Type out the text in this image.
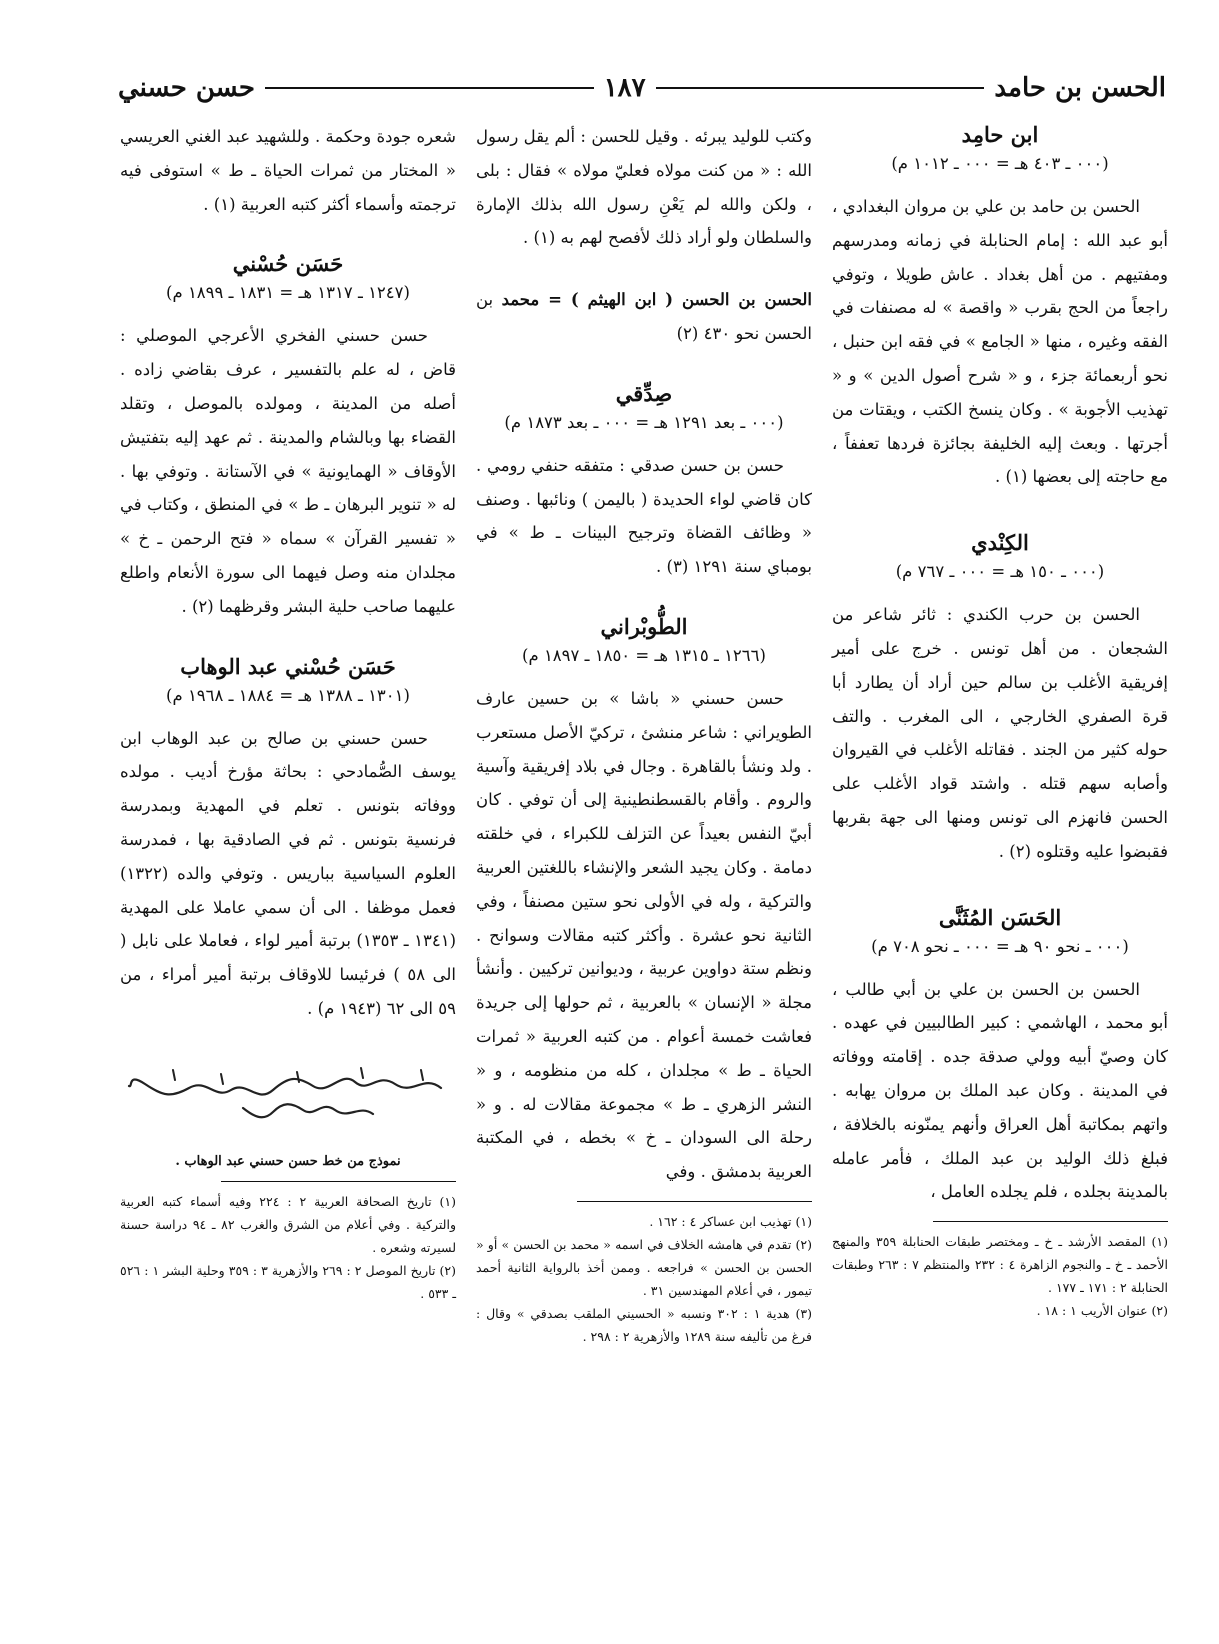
الحسن بن حامد
١٨٧
حسن حسني
ابن حامِد

(٠٠٠ ـ ٤٠٣ هـ = ٠٠٠ ـ ١٠١٢ م)

الحسن بن حامد بن علي بن مروان البغدادي ، أبو عبد الله : إمام الحنابلة في زمانه ومدرسهم ومفتيهم . من أهل بغداد . عاش طويلا ، وتوفي راجعاً من الحج بقرب « واقصة » له مصنفات في الفقه وغيره ، منها « الجامع » في فقه ابن حنبل ، نحو أربعمائة جزء ، و « شرح أصول الدين » و « تهذيب الأجوبة » . وكان ينسخ الكتب ، ويقتات من أجرتها . وبعث إليه الخليفة بجائزة فردها تعففاً ، مع حاجته إلى بعضها (١) .

الكِنْدي

(٠٠٠ ـ ١٥٠ هـ = ٠٠٠ ـ ٧٦٧ م)

الحسن بن حرب الكندي : ثائر شاعر من الشجعان . من أهل تونس . خرج على أمير إفريقية الأغلب بن سالم حين أراد أن يطارد أبا قرة الصفري الخارجي ، الى المغرب . والتف حوله كثير من الجند . فقاتله الأغلب في القيروان وأصابه سهم قتله . واشتد قواد الأغلب على الحسن فانهزم الى تونس ومنها الى جهة بقربها فقبضوا عليه وقتلوه (٢) .

الحَسَن المُثَنَّى

(٠٠٠ ـ نحو ٩٠ هـ = ٠٠٠ ـ نحو ٧٠٨ م)

الحسن بن الحسن بن علي بن أبي طالب ، أبو محمد ، الهاشمي : كبير الطالبيين في عهده . كان وصيّ أبيه وولي صدقة جده . إقامته ووفاته في المدينة . وكان عبد الملك بن مروان يهابه . واتهم بمكاتبة أهل العراق وأنهم يمنّونه بالخلافة ، فبلغ ذلك الوليد بن عبد الملك ، فأمر عامله بالمدينة بجلده ، فلم يجلده العامل ،

(١) المقصد الأرشد ـ خ ـ ومختصر طبقات الحنابلة ٣٥٩ والمنهج الأحمد ـ خ ـ والنجوم الزاهرة ٤ : ٢٣٢ والمنتظم ٧ : ٢٦٣ وطبقات الحنابلة ٢ : ١٧١ ـ ١٧٧ .

(٢) عنوان الأريب ١ : ١٨ .

وكتب للوليد يبرئه . وقيل للحسن : ألم يقل رسول الله : « من كنت مولاه فعليّ مولاه » فقال : بلى ، ولكن والله لم يَعْنِ رسول الله بذلك الإمارة والسلطان ولو أراد ذلك لأفصح لهم به (١) .

الحسن بن الحسن ( ابن الهيثم ) = محمد بن الحسن نحو ٤٣٠ (٢)

صِدِّقي

(٠٠٠ ـ بعد ١٢٩١ هـ = ٠٠٠ ـ بعد ١٨٧٣ م)

حسن بن حسن صدقي : متفقه حنفي رومي . كان قاضي لواء الحديدة ( باليمن ) ونائبها . وصنف « وظائف القضاة وترجيح البينات ـ ط » في بومباي سنة ١٢٩١ (٣) .

الطُّوبْراني

(١٢٦٦ ـ ١٣١٥ هـ = ١٨٥٠ ـ ١٨٩٧ م)

حسن حسني « باشا » بن حسين عارف الطويراني : شاعر منشئ ، تركيّ الأصل مستعرب . ولد ونشأ بالقاهرة . وجال في بلاد إفريقية وآسية والروم . وأقام بالقسطنطينية إلى أن توفي . كان أبيّ النفس بعيداً عن التزلف للكبراء ، في خلقته دمامة . وكان يجيد الشعر والإنشاء باللغتين العربية والتركية ، وله في الأولى نحو ستين مصنفاً ، وفي الثانية نحو عشرة . وأكثر كتبه مقالات وسوانح . ونظم ستة دواوين عربية ، وديوانين تركيين . وأنشأ مجلة « الإنسان » بالعربية ، ثم حولها إلى جريدة فعاشت خمسة أعوام . من كتبه العربية « ثمرات الحياة ـ ط » مجلدان ، كله من منظومه ، و « النشر الزهري ـ ط » مجموعة مقالات له . و « رحلة الى السودان ـ خ » بخطه ، في المكتبة العربية بدمشق . وفي

(١) تهذيب ابن عساكر ٤ : ١٦٢ .

(٢) تقدم في هامشه الخلاف في اسمه « محمد بن الحسن » أو « الحسن بن الحسن » فراجعه . وممن أخذ بالرواية الثانية أحمد تيمور ، في أعلام المهندسين ٣١ .

(٣) هدية ١ : ٣٠٢ ونسبه « الحسيني الملقب بصدقي » وقال : فرغ من تأليفه سنة ١٢٨٩ والأزهرية ٢ : ٢٩٨ .

شعره جودة وحكمة . وللشهيد عبد الغني العريسي « المختار من ثمرات الحياة ـ ط » استوفى فيه ترجمته وأسماء أكثر كتبه العربية (١) .

حَسَن حُسْني

(١٢٤٧ ـ ١٣١٧ هـ = ١٨٣١ ـ ١٨٩٩ م)

حسن حسني الفخري الأعرجي الموصلي : قاض ، له علم بالتفسير ، عرف بقاضي زاده . أصله من المدينة ، ومولده بالموصل ، وتقلد القضاء بها وبالشام والمدينة . ثم عهد إليه بتفتيش الأوقاف « الهمايونية » في الآستانة . وتوفي بها . له « تنوير البرهان ـ ط » في المنطق ، وكتاب في « تفسير القرآن » سماه « فتح الرحمن ـ خ » مجلدان منه وصل فيهما الى سورة الأنعام واطلع عليهما صاحب حلية البشر وقرظهما (٢) .

حَسَن حُسْني عبد الوهاب

(١٣٠١ ـ ١٣٨٨ هـ = ١٨٨٤ ـ ١٩٦٨ م)

حسن حسني بن صالح بن عبد الوهاب ابن يوسف الصُّمادحي : بحاثة مؤرخ أديب . مولده ووفاته بتونس . تعلم في المهدية وبمدرسة فرنسية بتونس . ثم في الصادقية بها ، فمدرسة العلوم السياسية بباريس . وتوفي والده (١٣٢٢) فعمل موظفا . الى أن سمي عاملا على المهدية (١٣٤١ ـ ١٣٥٣) برتبة أمير لواء ، فعاملا على نابل ( الى ٥٨ ) فرئيسا للاوقاف برتبة أمير أمراء ، من ٥٩ الى ٦٢ (١٩٤٣ م) .

نموذج من خط حسن حسني عبد الوهاب .

(١) تاريخ الصحافة العربية ٢ : ٢٢٤ وفيه أسماء كتبه العربية والتركية . وفي أعلام من الشرق والغرب ٨٢ ـ ٩٤ دراسة حسنة لسيرته وشعره .

(٢) تاريخ الموصل ٢ : ٢٦٩ والأزهرية ٣ : ٣٥٩ وحلية البشر ١ : ٥٢٦ ـ ٥٣٣ .
